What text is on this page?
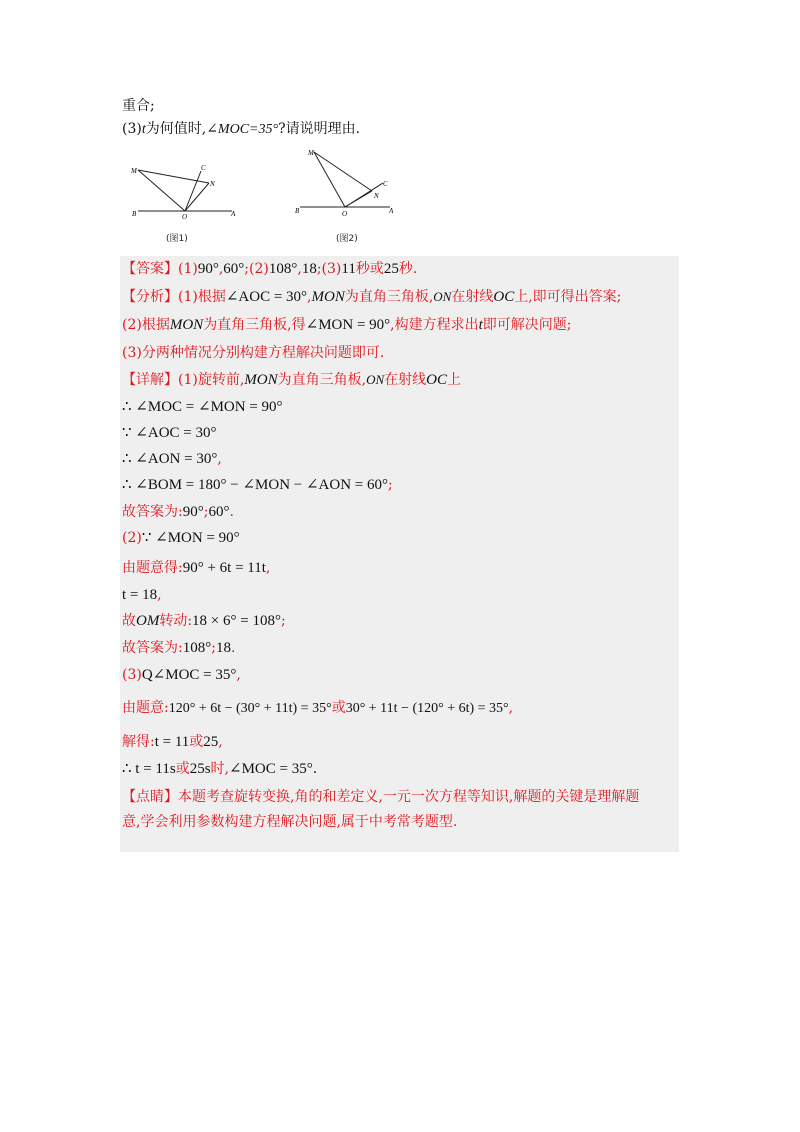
重合;
(3)t为何值时,∠MOC=35°?请说明理由.
M	C
N
B	O	A
(图1)
M
C
N
B	O	A
(图2)
【答案】(1)90°,60°;(2)108°,18;(3)11秒或25秒.
【分析】(1)根据∠AOC = 30°,MON为直角三角板,ON在射线OC上,即可得出答案;
(2)根据MON为直角三角板,得∠MON = 90°,构建方程求出t即可解决问题;
(3)分两种情况分别构建方程解决问题即可.
【详解】(1)旋转前,MON为直角三角板,ON在射线OC上
∴ ∠MOC = ∠MON = 90°
∵ ∠AOC = 30°
∴ ∠AON = 30°,
∴ ∠BOM = 180° − ∠MON − ∠AON = 60°;
故答案为:90°;60°.
(2)∵ ∠MON = 90°
由题意得:90° + 6t = 11t,
t = 18,
故OM转动:18 × 6° = 108°;
故答案为:108°;18.
(3)Q∠MOC = 35°,
由题意:120° + 6t − (30° + 11t) = 35°或30° + 11t − (120° + 6t) = 35°,
解得:t = 11或25,
∴ t = 11s或25s时,∠MOC = 35°.
【点睛】本题考查旋转变换,角的和差定义,一元一次方程等知识,解题的关键是理解题
意,学会利用参数构建方程解决问题,属于中考常考题型.
